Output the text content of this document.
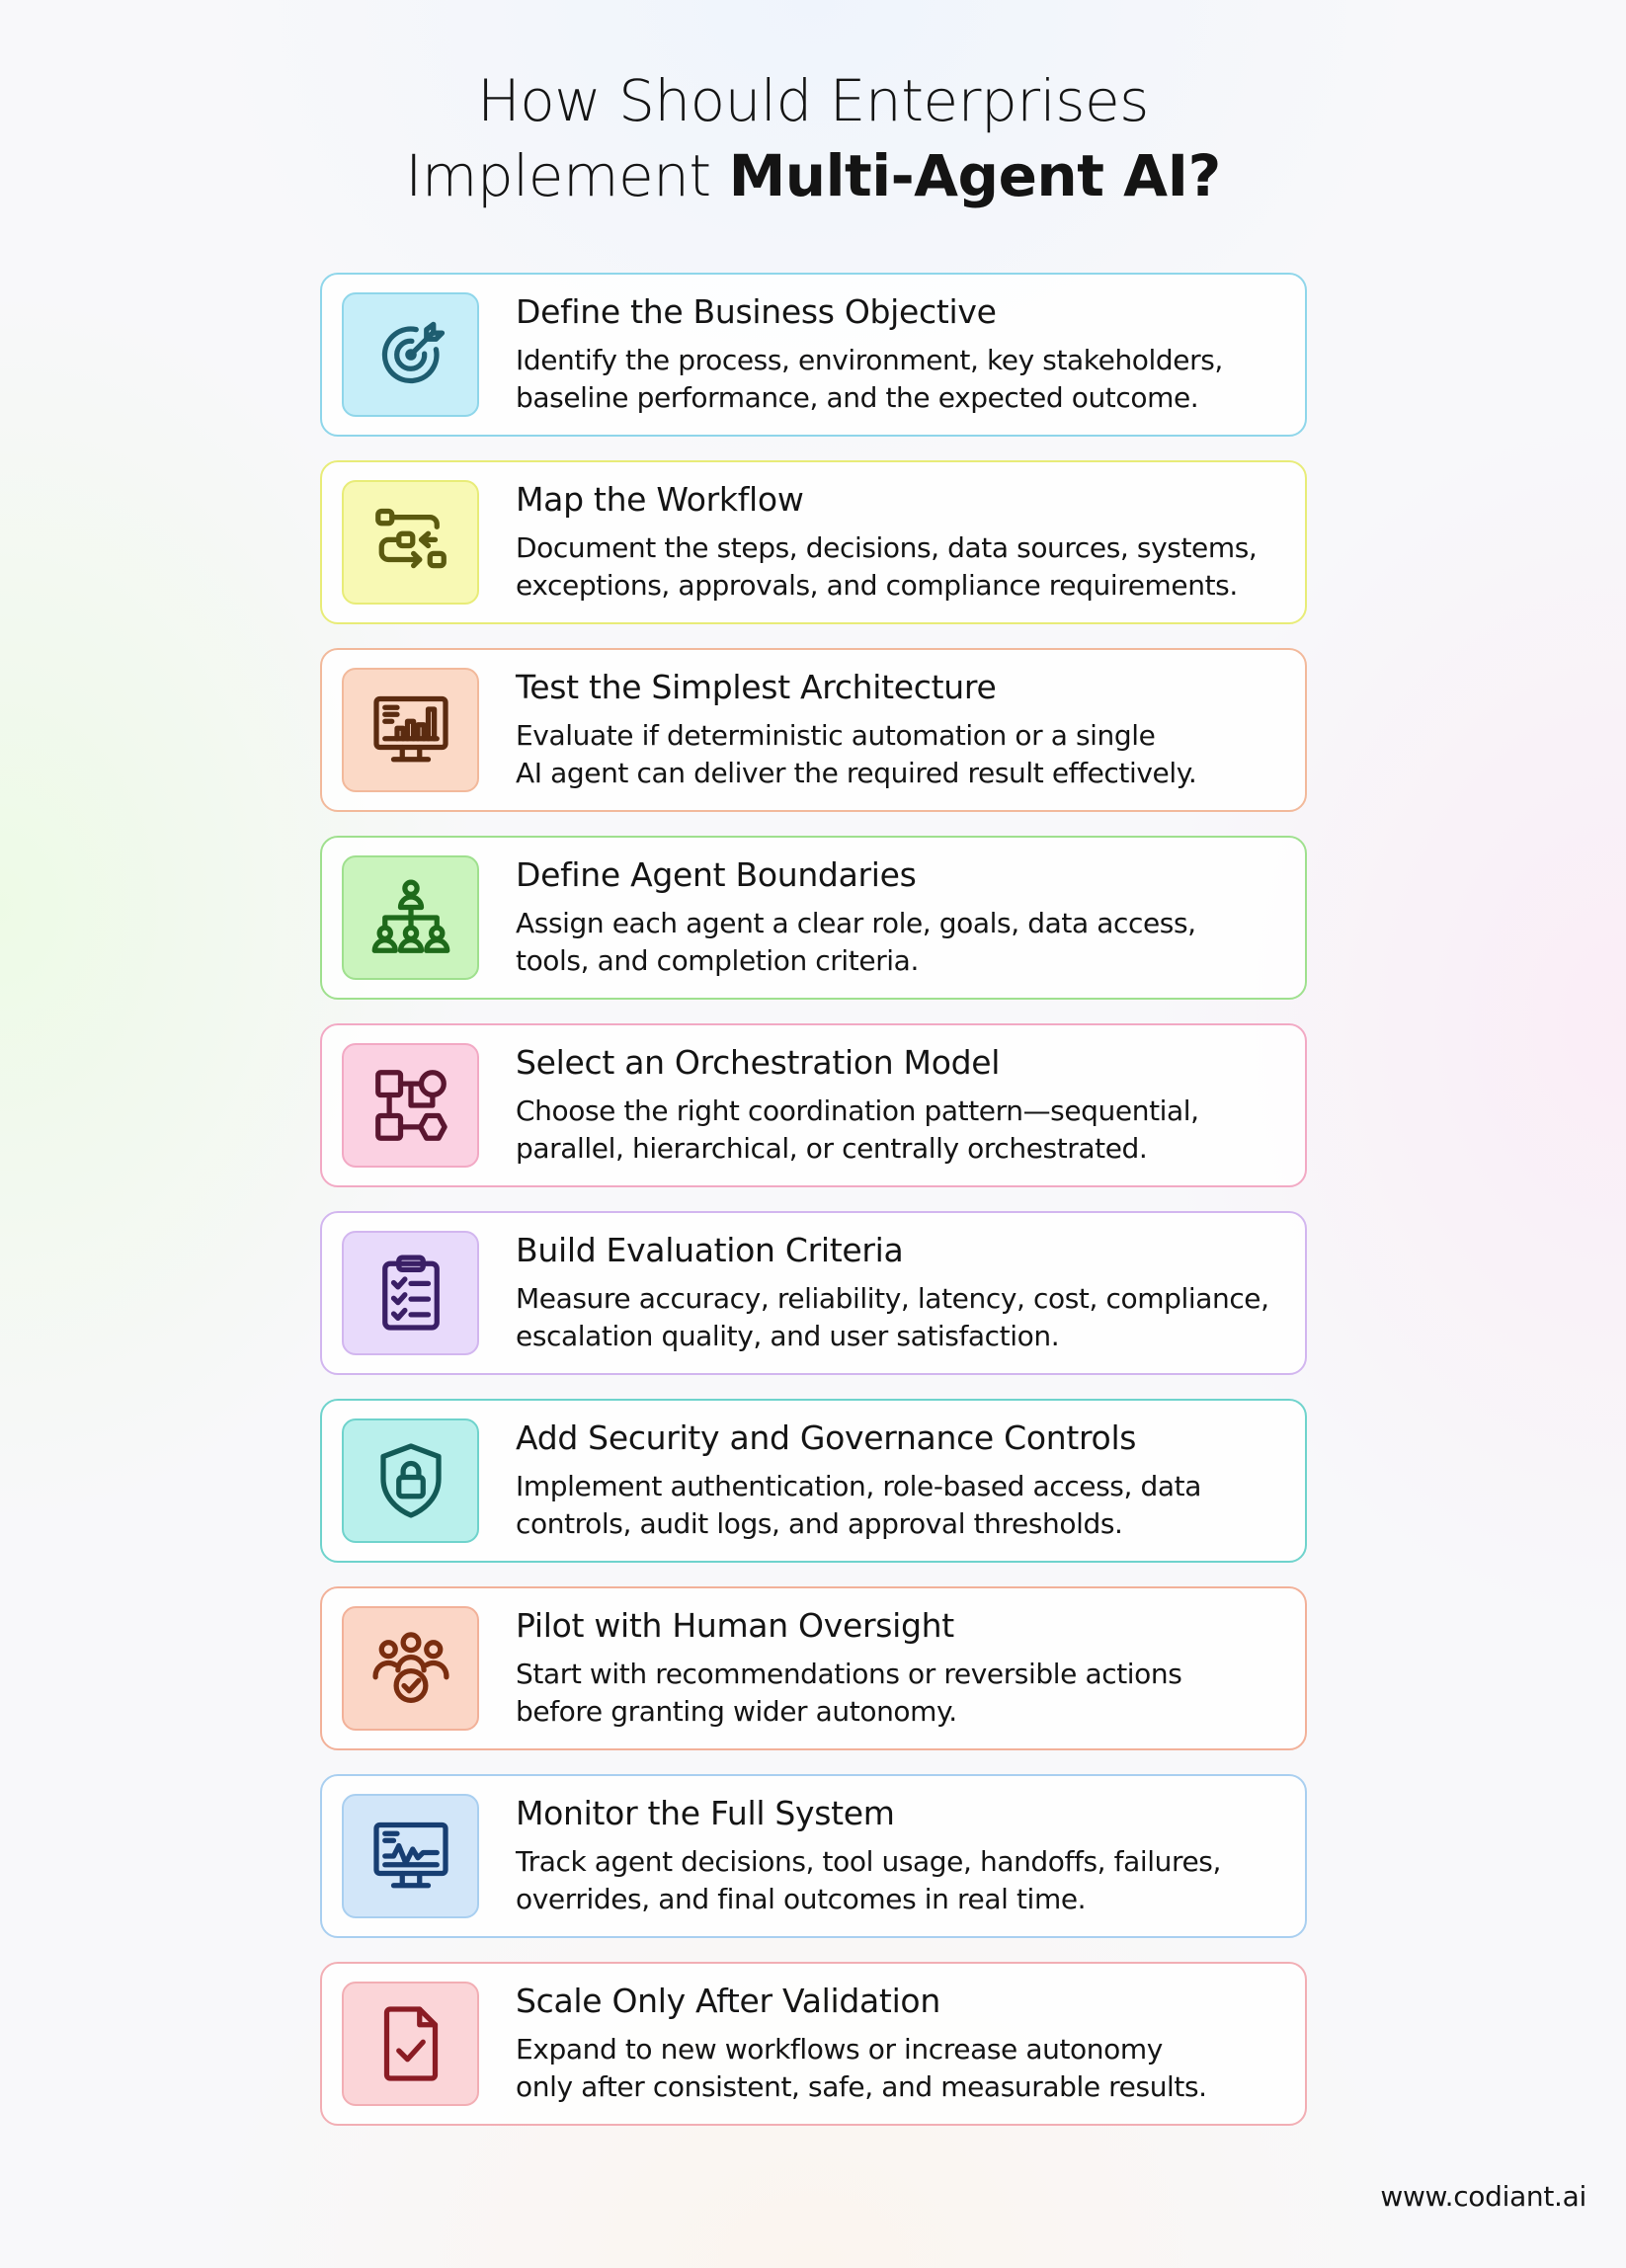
How Should Enterprises
Implement Multi-Agent AI?
Define the Business Objective
Identify the process, environment, key stakeholders,
baseline performance, and the expected outcome.
Map the Workflow
Document the steps, decisions, data sources, systems,
exceptions, approvals, and compliance requirements.
Test the Simplest Architecture
Evaluate if deterministic automation or a single
AI agent can deliver the required result effectively.
Define Agent Boundaries
Assign each agent a clear role, goals, data access,
tools, and completion criteria.
Select an Orchestration Model
Choose the right coordination pattern—sequential,
parallel, hierarchical, or centrally orchestrated.
Build Evaluation Criteria
Measure accuracy, reliability, latency, cost, compliance,
escalation quality, and user satisfaction.
Add Security and Governance Controls
Implement authentication, role-based access, data
controls, audit logs, and approval thresholds.
Pilot with Human Oversight
Start with recommendations or reversible actions
before granting wider autonomy.
Monitor the Full System
Track agent decisions, tool usage, handoffs, failures,
overrides, and final outcomes in real time.
Scale Only After Validation
Expand to new workflows or increase autonomy
only after consistent, safe, and measurable results.
www.codiant.ai
